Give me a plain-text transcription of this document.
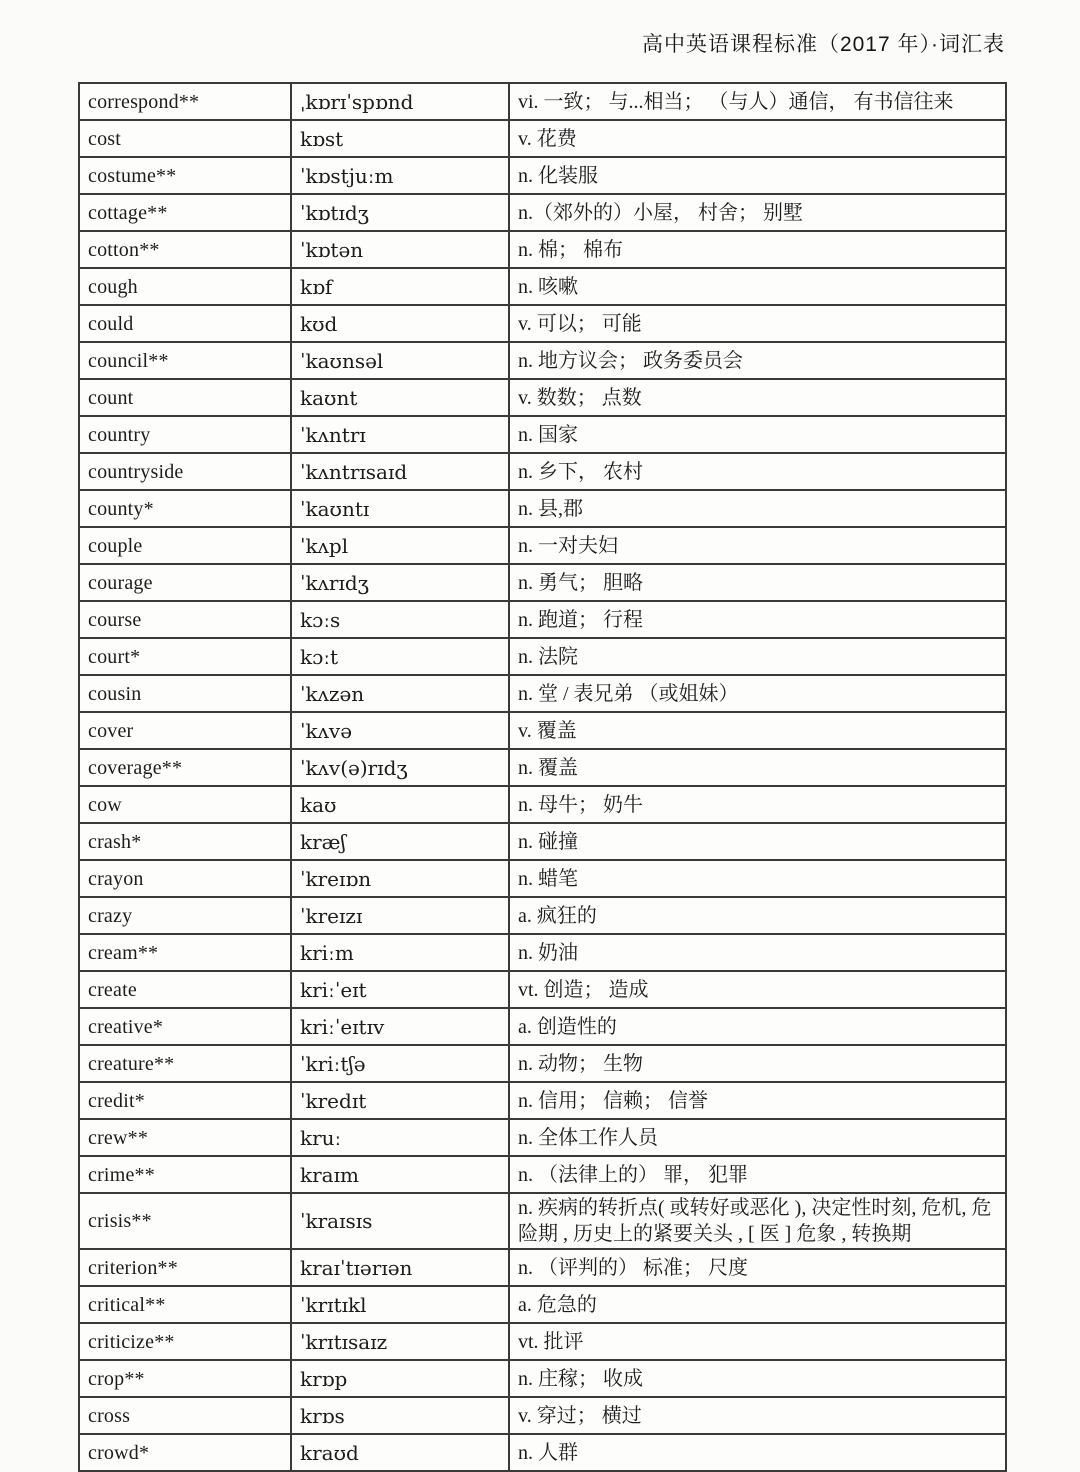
高中英语课程标准（2017 年）·词汇表
correspond**	ˌkɒrɪˈspɒnd	vi. 一致； 与...相当； （与人）通信， 有书信往来
cost	kɒst	v. 花费
costume**	ˈkɒstjuːm	n. 化装服
cottage**	ˈkɒtɪdʒ	n.（郊外的）小屋， 村舍； 别墅
cotton**	ˈkɒtən	n. 棉； 棉布
cough	kɒf	n. 咳嗽
could	kʊd	v. 可以； 可能
council**	ˈkaʊnsəl	n. 地方议会； 政务委员会
count	kaʊnt	v. 数数； 点数
country	ˈkʌntrɪ	n. 国家
countryside	ˈkʌntrɪsaɪd	n. 乡下， 农村
county*	ˈkaʊntɪ	n. 县,郡
couple	ˈkʌpl	n. 一对夫妇
courage	ˈkʌrɪdʒ	n. 勇气； 胆略
course	kɔːs	n. 跑道； 行程
court*	kɔːt	n. 法院
cousin	ˈkʌzən	n. 堂 / 表兄弟 （或姐妹）
cover	ˈkʌvə	v. 覆盖
coverage**	ˈkʌv(ə)rɪdʒ	n. 覆盖
cow	kaʊ	n. 母牛； 奶牛
crash*	kræʃ	n. 碰撞
crayon	ˈkreɪɒn	n. 蜡笔
crazy	ˈkreɪzɪ	a. 疯狂的
cream**	kriːm	n. 奶油
create	kriːˈeɪt	vt. 创造； 造成
creative*	kriːˈeɪtɪv	a. 创造性的
creature**	ˈkriːtʃə	n. 动物； 生物
credit*	ˈkredɪt	n. 信用； 信赖； 信誉
crew**	kruː	n. 全体工作人员
crime**	kraɪm	n. （法律上的） 罪， 犯罪
crisis**	ˈkraɪsɪs	n. 疾病的转折点( 或转好或恶化 ), 决定性时刻, 危机, 危险期 , 历史上的紧要关头 , [ 医 ] 危象 , 转换期
criterion**	kraɪˈtɪərɪən	n. （评判的） 标准； 尺度
critical**	ˈkrɪtɪkl	a. 危急的
criticize**	ˈkrɪtɪsaɪz	vt. 批评
crop**	krɒp	n. 庄稼； 收成
cross	krɒs	v. 穿过； 横过
crowd*	kraʊd	n. 人群
